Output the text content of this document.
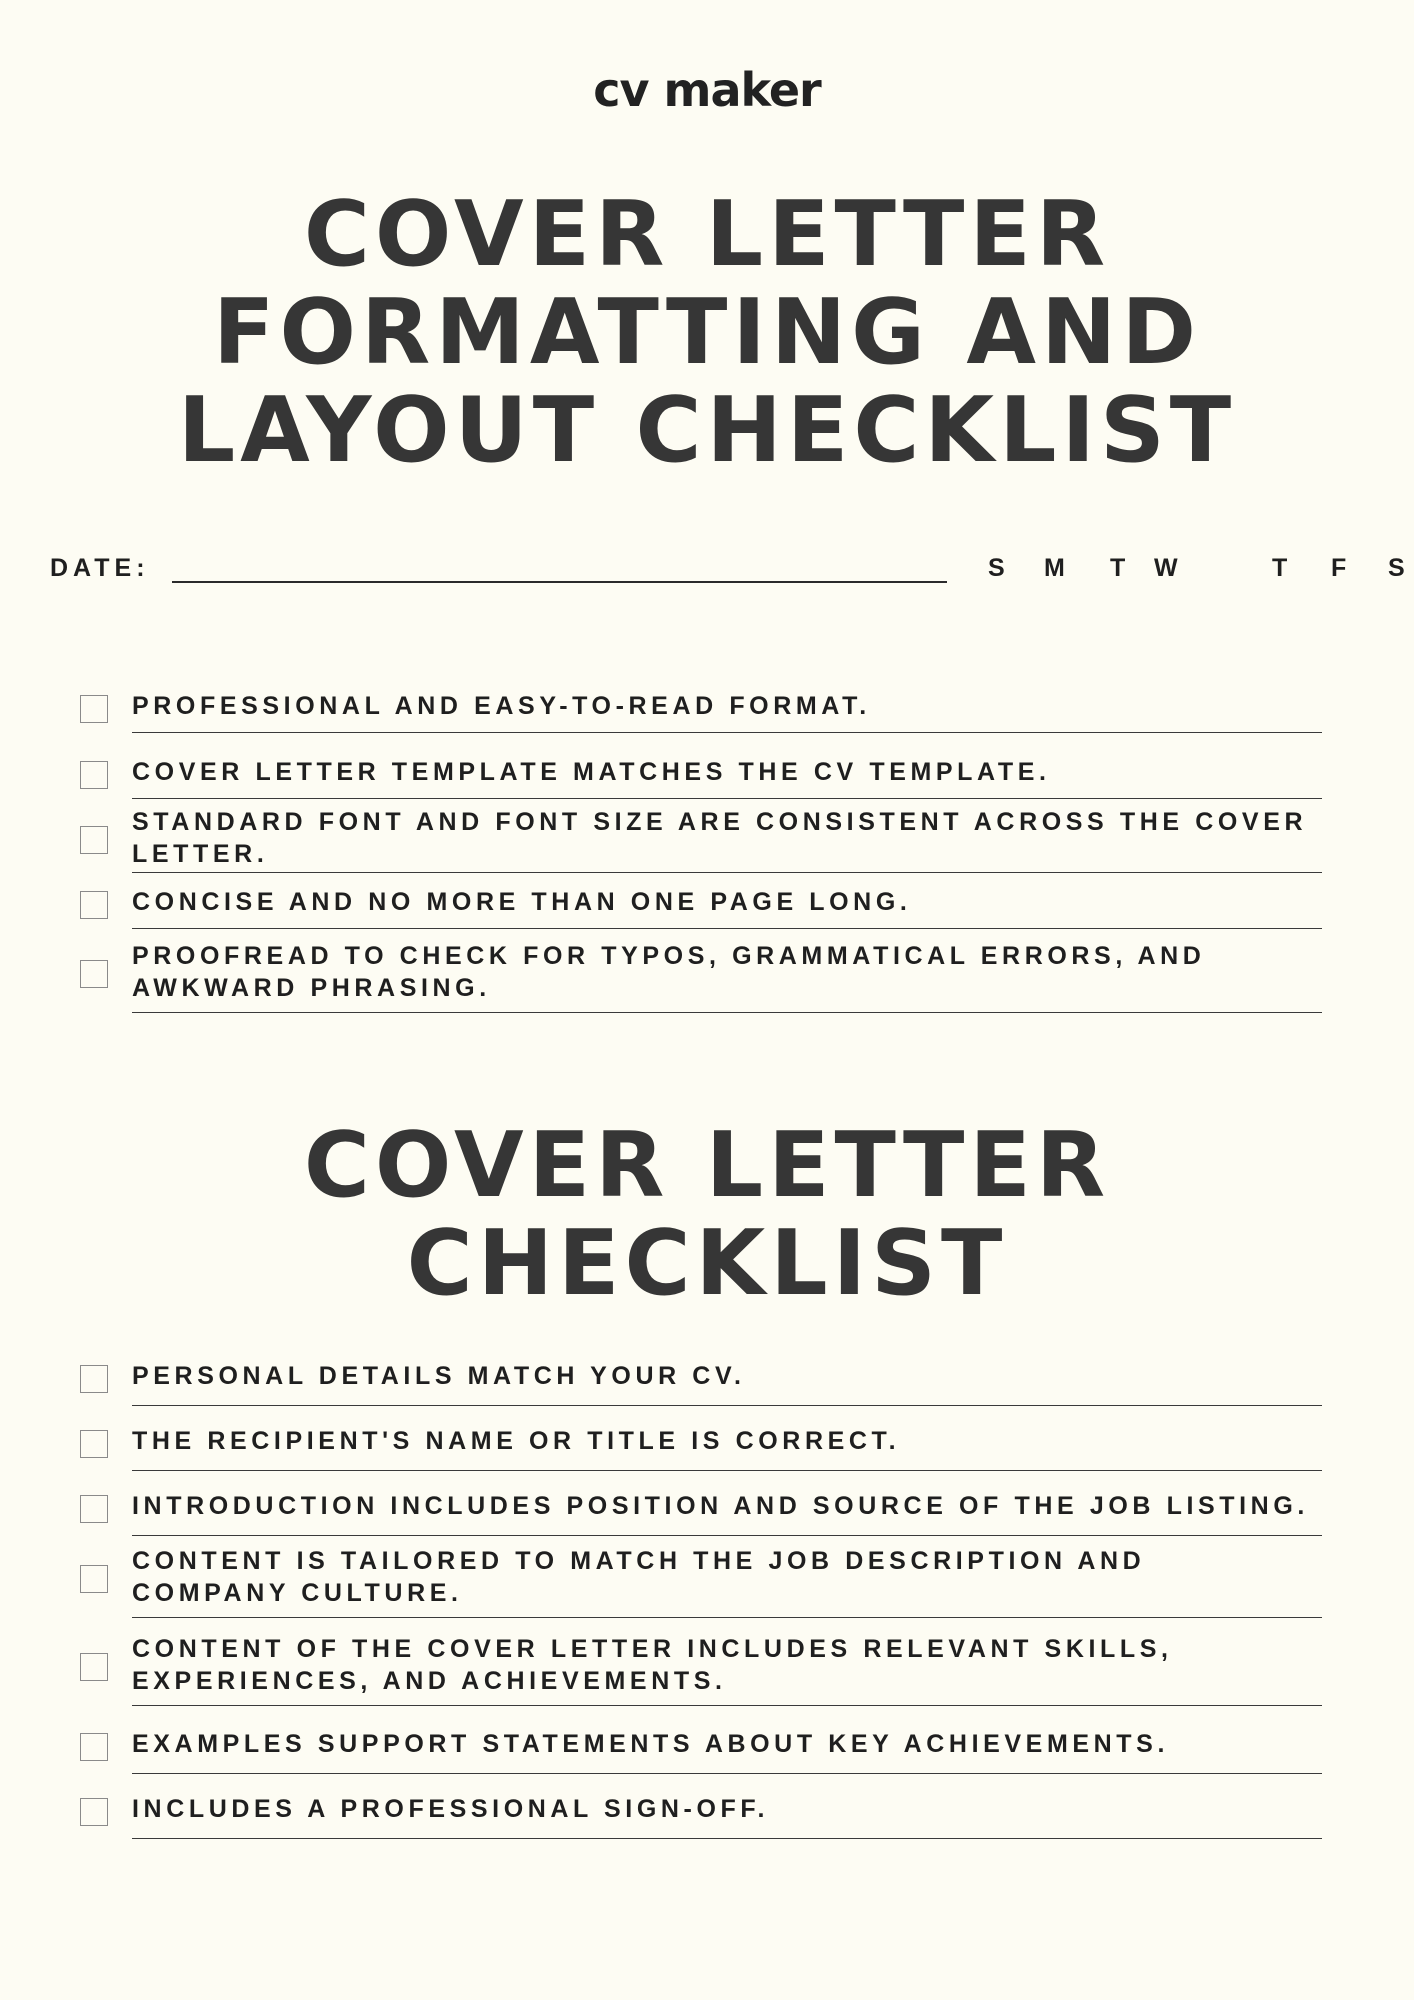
cv maker
COVER LETTER
FORMATTING AND
LAYOUT CHECKLIST
DATE:	S M T W	T F S
PROFESSIONAL AND EASY-TO-READ FORMAT.
COVER LETTER TEMPLATE MATCHES THE CV TEMPLATE.
STANDARD FONT AND FONT SIZE ARE CONSISTENT ACROSS THE COVER
LETTER.
CONCISE AND NO MORE THAN ONE PAGE LONG.
PROOFREAD TO CHECK FOR TYPOS, GRAMMATICAL ERRORS, AND
AWKWARD PHRASING.
COVER LETTER
CHECKLIST
PERSONAL DETAILS MATCH YOUR CV.
THE RECIPIENT'S NAME OR TITLE IS CORRECT.
INTRODUCTION INCLUDES POSITION AND SOURCE OF THE JOB LISTING.
CONTENT IS TAILORED TO MATCH THE JOB DESCRIPTION AND
COMPANY CULTURE.
CONTENT OF THE COVER LETTER INCLUDES RELEVANT SKILLS,
EXPERIENCES, AND ACHIEVEMENTS.
EXAMPLES SUPPORT STATEMENTS ABOUT KEY ACHIEVEMENTS.
INCLUDES A PROFESSIONAL SIGN-OFF.
